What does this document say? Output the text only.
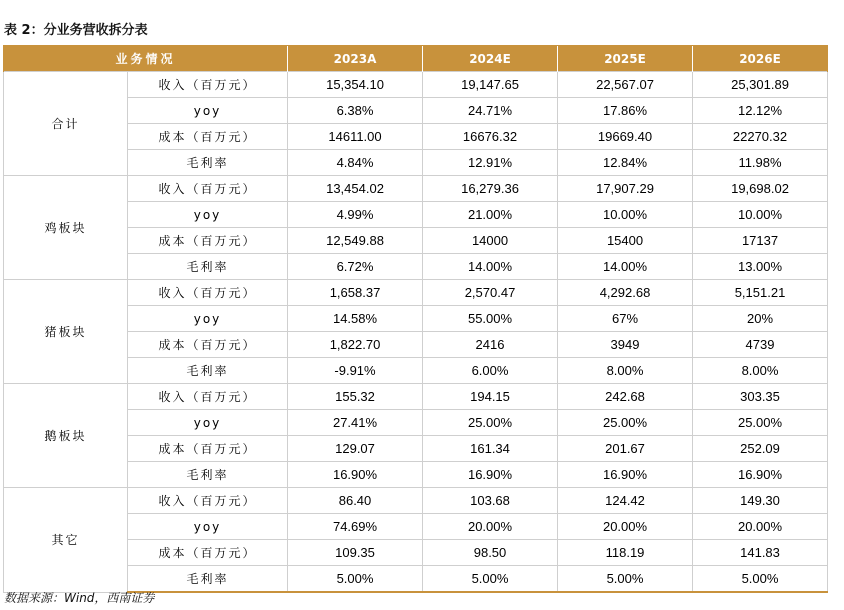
表 2：分业务营收拆分表
业务情况		2023A	2024E	2025E	2026E
合计	收入（百万元）	15,354.10	19,147.65	22,567.07	25,301.89
	yoy	6.38%	24.71%	17.86%	12.12%
	成本（百万元）	14611.00	16676.32	19669.40	22270.32
	毛利率	4.84%	12.91%	12.84%	11.98%
鸡板块	收入（百万元）	13,454.02	16,279.36	17,907.29	19,698.02
	yoy	4.99%	21.00%	10.00%	10.00%
	成本（百万元）	12,549.88	14000	15400	17137
	毛利率	6.72%	14.00%	14.00%	13.00%
猪板块	收入（百万元）	1,658.37	2,570.47	4,292.68	5,151.21
	yoy	14.58%	55.00%	67%	20%
	成本（百万元）	1,822.70	2416	3949	4739
	毛利率	-9.91%	6.00%	8.00%	8.00%
鹅板块	收入（百万元）	155.32	194.15	242.68	303.35
	yoy	27.41%	25.00%	25.00%	25.00%
	成本（百万元）	129.07	161.34	201.67	252.09
	毛利率	16.90%	16.90%	16.90%	16.90%
其它	收入（百万元）	86.40	103.68	124.42	149.30
	yoy	74.69%	20.00%	20.00%	20.00%
	成本（百万元）	109.35	98.50	118.19	141.83
	毛利率	5.00%	5.00%	5.00%	5.00%
数据来源：Wind，西南证券
